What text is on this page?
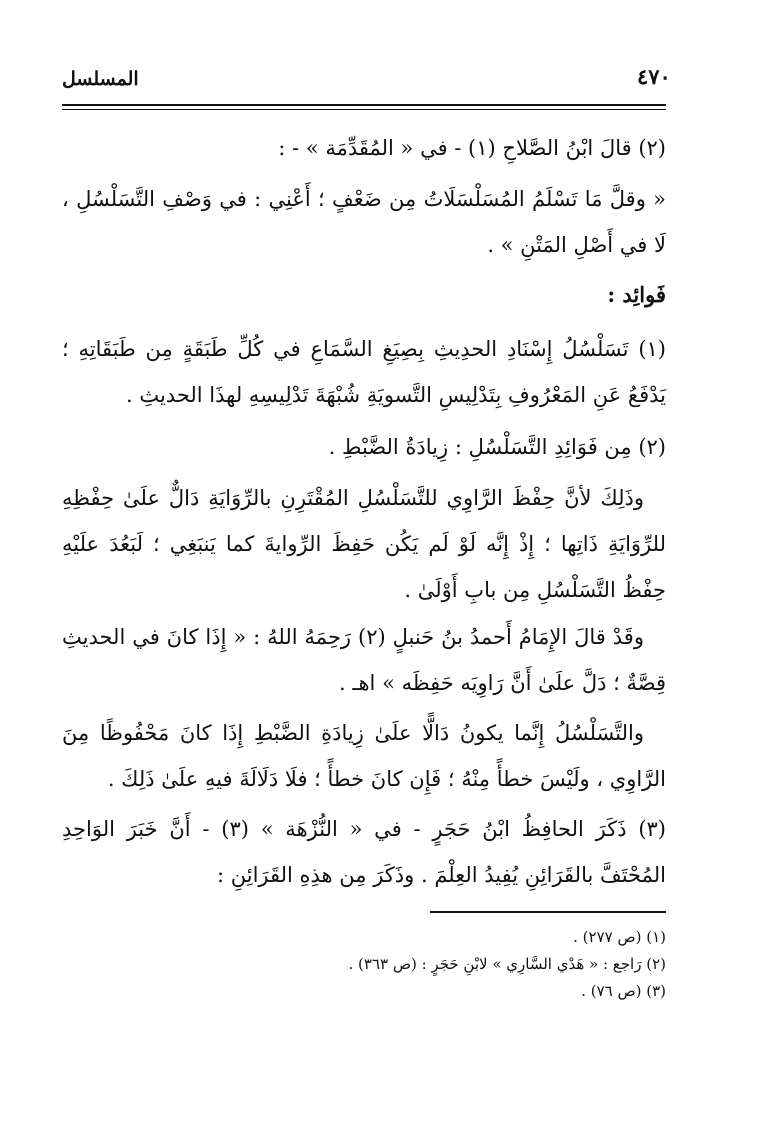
المسلسل	٤٧٠

(٢) قالَ ابْنُ الصَّلاحِ (١) - في « المُقَدِّمَة » - :

« وقلَّ مَا تَسْلَمُ المُسَلْسَلَاتُ مِن ضَعْفٍ ؛ أَعْنِي : في وَصْفِ التَّسَلْسُلِ ، لَا في أَصْلِ المَتْنِ » .

فَوائِد :

(١) تَسَلْسُلُ إِسْنَادِ الحدِيثِ بِصِيَغِ السَّمَاعِ في كُلِّ طَبَقَةٍ مِن طَبَقَاتِهِ ؛ يَدْفَعُ عَنِ المَعْرُوفِ بِتَدْلِيسِ التَّسويَةِ شُبْهَةَ تَدْلِيسِهِ لهذَا الحديثِ .

(٢) مِن فَوَائِدِ التَّسَلْسُلِ : زِيادَةُ الضَّبْطِ .

وذَلِكَ لأنَّ حِفْظَ الرَّاوِي للتَّسَلْسُلِ المُقْتَرِنِ بالرِّوَايَةِ دَالٌّ علَىٰ حِفْظِهِ للرِّوَايَةِ ذَاتِها ؛ إِذْ إِنَّه لَوْ لَم يَكُن حَفِظَ الرِّوايةَ كما يَنبَغِي ؛ لَبَعُدَ علَيْهِ حِفْظُ التَّسَلْسُلِ مِن بابِ أَوْلَىٰ .

وقَدْ قالَ الإِمَامُ أَحمدُ بنُ حَنبلٍ (٢) رَحِمَهُ اللهُ : « إِذَا كانَ في الحديثِ قِصَّةٌ ؛ دَلَّ علَىٰ أَنَّ رَاوِيَه حَفِظَه » اهـ .

والتَّسَلْسُلُ إِنَّما يكونُ دَالًّا علَىٰ زِيادَةِ الضَّبْطِ إِذَا كانَ مَحْفُوظًا مِنَ الرَّاوِي ، ولَيْسَ خطأً مِنْهُ ؛ فَإِن كانَ خطأً ؛ فلَا دَلَالَةَ فيهِ علَىٰ ذَلِكَ .

(٣) ذَكَرَ الحافِظُ ابْنُ حَجَرٍ - في « النُّزْهَة » (٣) - أَنَّ خَبَرَ الوَاحِدِ المُحْتَفَّ بالقَرَائِنِ يُفِيدُ العِلْمَ . وذَكَرَ مِن هذِهِ القَرَائِنِ :

(١) (ص ٢٧٧) .
(٢) رَاجع : « هَدْي السَّارِي » لابْنِ حَجَرٍ : (ص ٣٦٣) .
(٣) (ص ٧٦) .
